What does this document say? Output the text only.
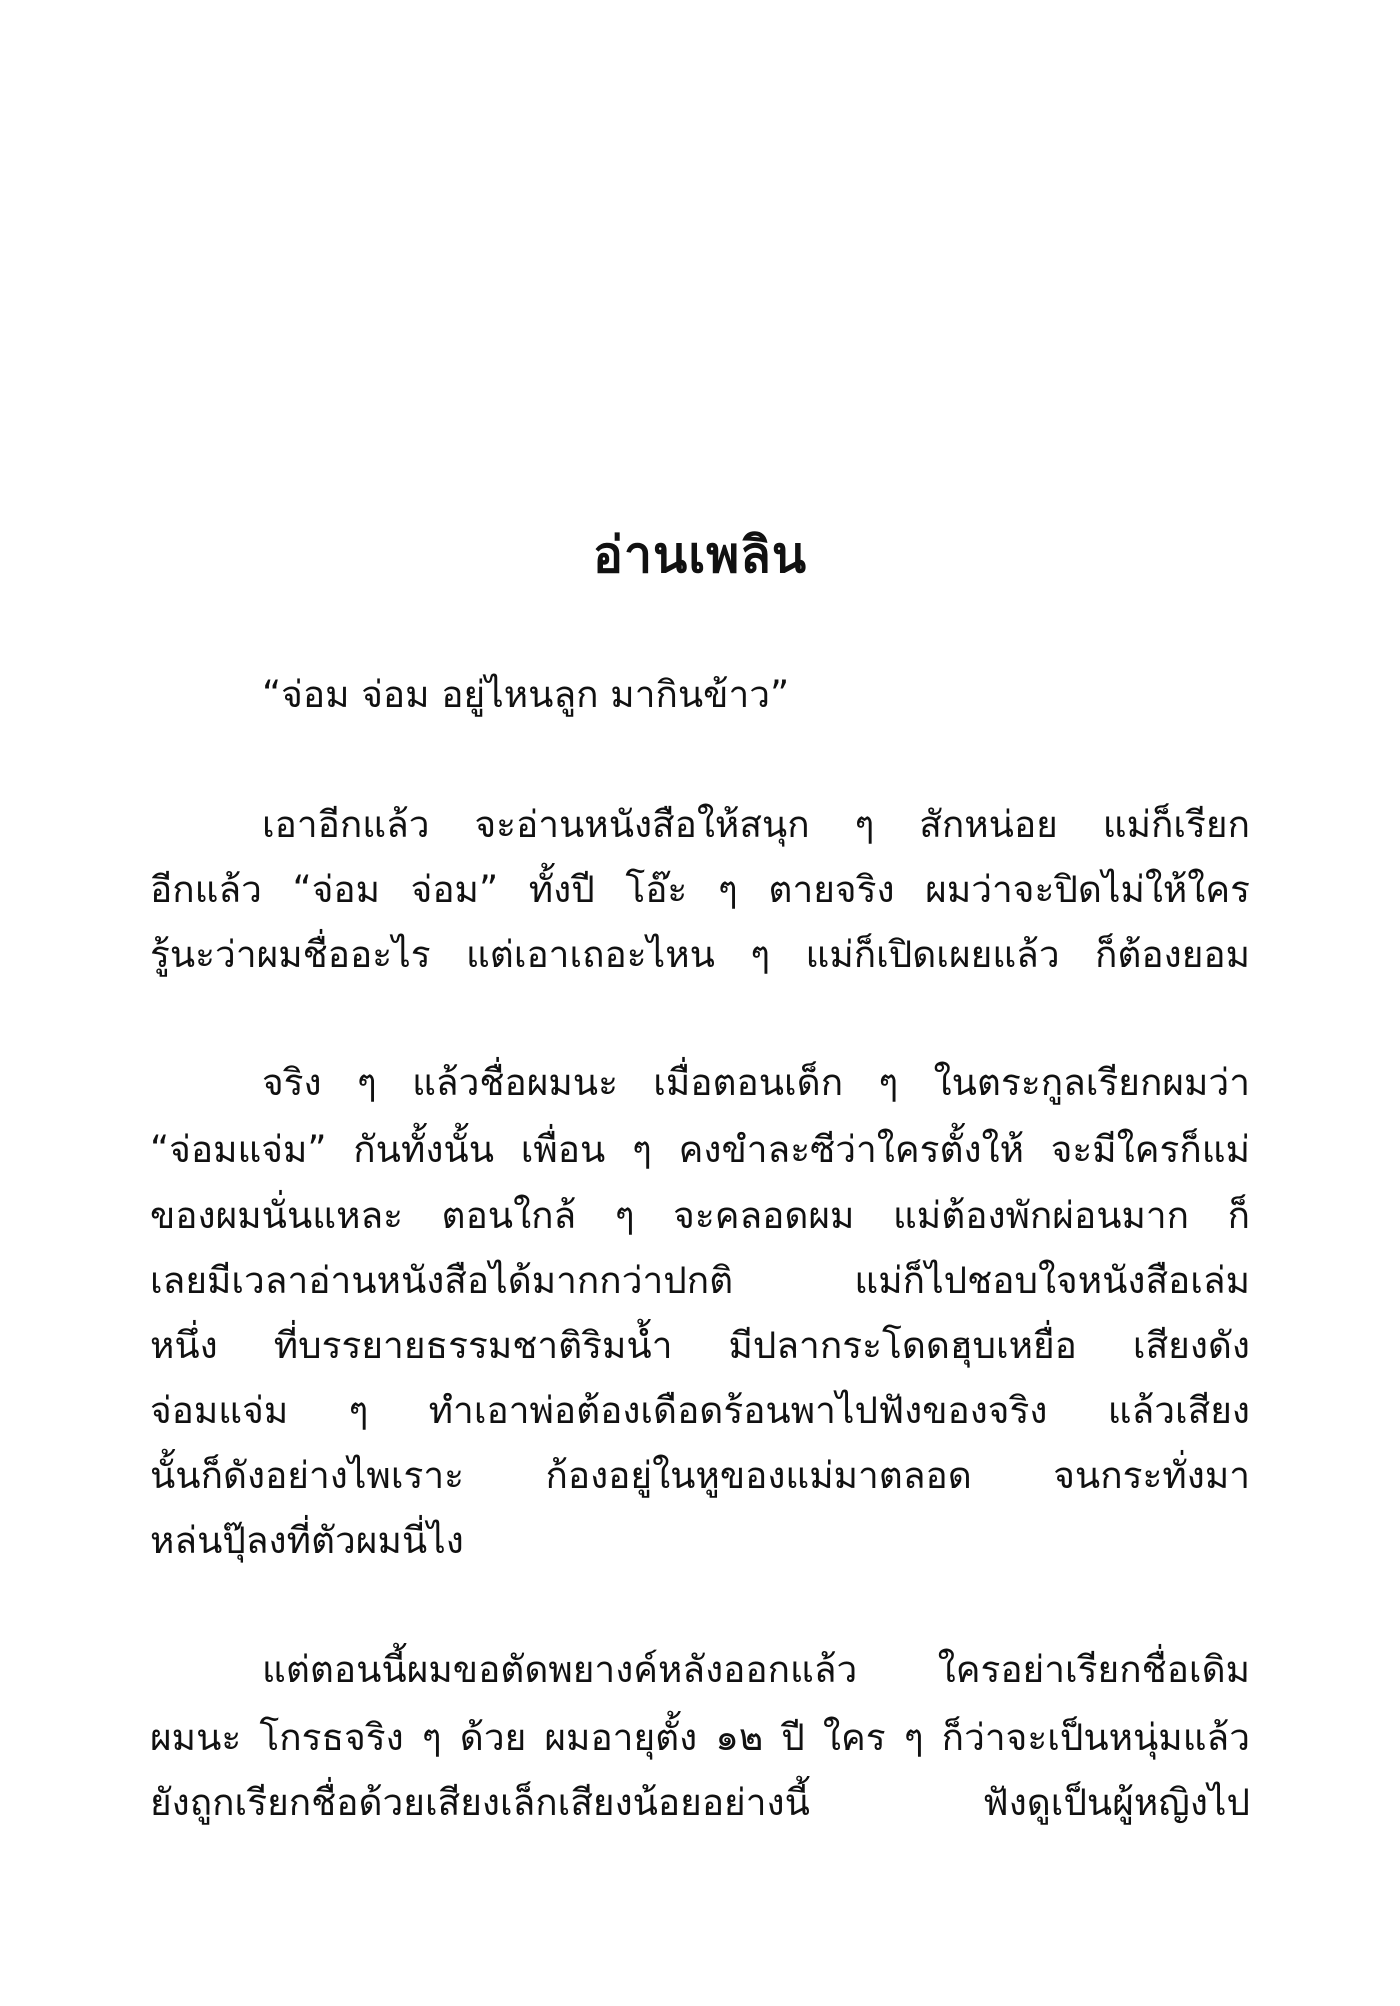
อ่านเพลิน
“จ่อม จ่อม อยู่ไหนลูก มากินข้าว”
เอาอีกแล้ว จะอ่านหนังสือให้สนุก ๆ สักหน่อย แม่ก็เรียก
อีกแล้ว “จ่อม จ่อม” ทั้งปี โอ๊ะ ๆ ตายจริง ผมว่าจะปิดไม่ให้ใคร
รู้นะว่าผมชื่ออะไร แต่เอาเถอะไหน ๆ แม่ก็เปิดเผยแล้ว ก็ต้องยอม
จริง ๆ แล้วชื่อผมนะ เมื่อตอนเด็ก ๆ ในตระกูลเรียกผมว่า
“จ่อมแจ่ม” กันทั้งนั้น เพื่อน ๆ คงขำละซีว่าใครตั้งให้ จะมีใครก็แม่
ของผมนั่นแหละ ตอนใกล้ ๆ จะคลอดผม แม่ต้องพักผ่อนมาก ก็
เลยมีเวลาอ่านหนังสือได้มากกว่าปกติ แม่ก็ไปชอบใจหนังสือเล่ม
หนึ่ง ที่บรรยายธรรมชาติริมน้ำ มีปลากระโดดฮุบเหยื่อ เสียงดัง
จ่อมแจ่ม ๆ ทำเอาพ่อต้องเดือดร้อนพาไปฟังของจริง แล้วเสียง
นั้นก็ดังอย่างไพเราะ ก้องอยู่ในหูของแม่มาตลอด จนกระทั่งมา
หล่นปุ๊ลงที่ตัวผมนี่ไง
แต่ตอนนี้ผมขอตัดพยางค์หลังออกแล้ว ใครอย่าเรียกชื่อเดิม
ผมนะ โกรธจริง ๆ ด้วย ผมอายุตั้ง ๑๒ ปี ใคร ๆ ก็ว่าจะเป็นหนุ่มแล้ว
ยังถูกเรียกชื่อด้วยเสียงเล็กเสียงน้อยอย่างนี้ ฟังดูเป็นผู้หญิงไป
